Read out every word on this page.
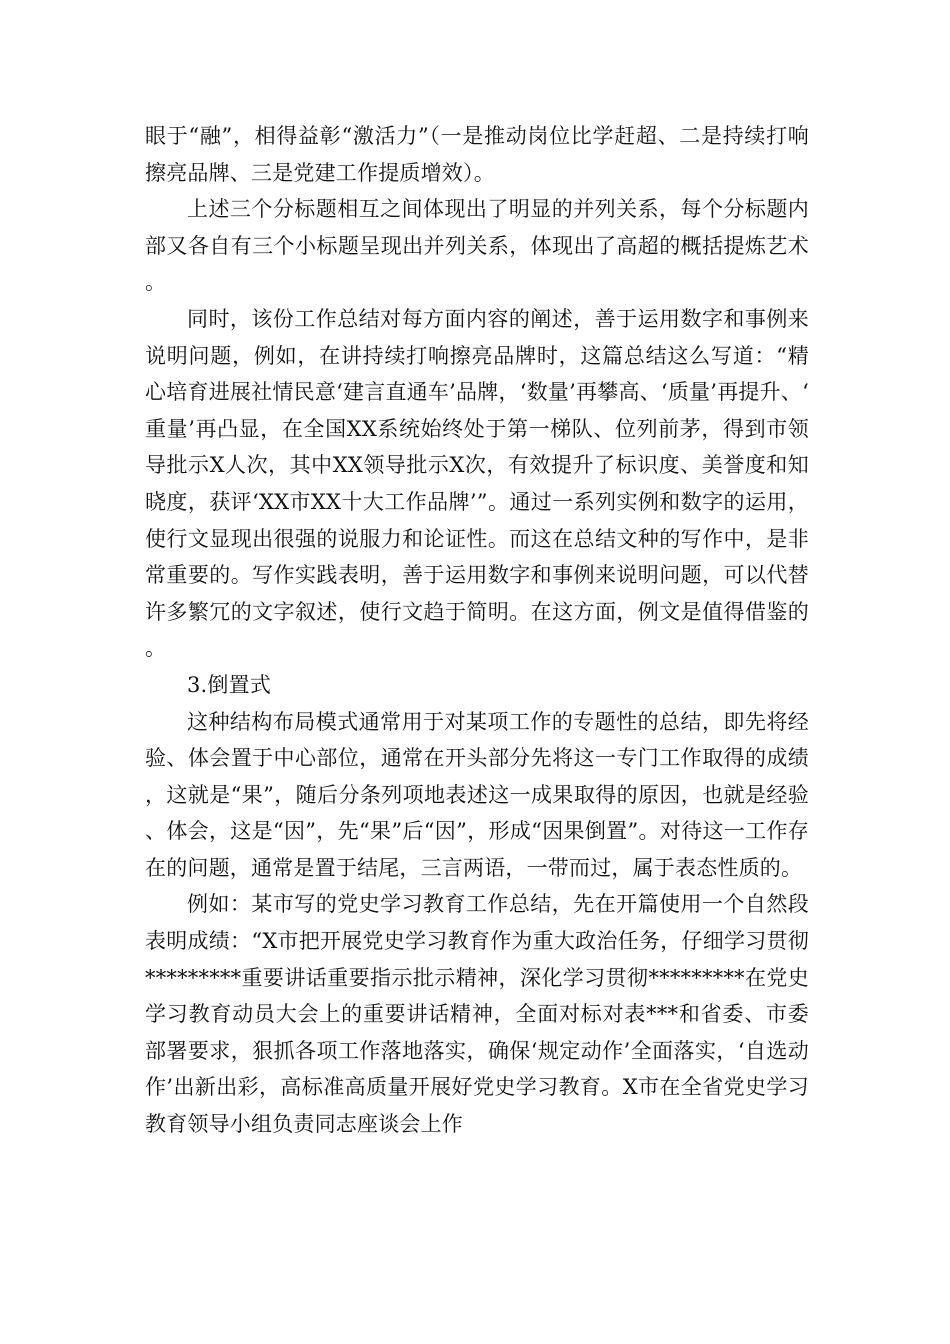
眼于“融”，相得益彰“激活力”（一是推动岗位比学赶超、二是持续打响擦亮品牌、三是党建工作提质增效）。

上述三个分标题相互之间体现出了明显的并列关系，每个分标题内部又各自有三个小标题呈现出并列关系，体现出了高超的概括提炼艺术。

同时，该份工作总结对每方面内容的阐述，善于运用数字和事例来说明问题，例如，在讲持续打响擦亮品牌时，这篇总结这么写道：“精心培育进展社情民意‘建言直通车’品牌，‘数量’再攀高、‘质量’再提升、‘重量’再凸显，在全国XX系统始终处于第一梯队、位列前茅，得到市领导批示X人次，其中XX领导批示X次，有效提升了标识度、美誉度和知晓度，获评‘XX市XX十大工作品牌’”。通过一系列实例和数字的运用，使行文显现出很强的说服力和论证性。而这在总结文种的写作中，是非常重要的。写作实践表明，善于运用数字和事例来说明问题，可以代替许多繁冗的文字叙述，使行文趋于简明。在这方面，例文是值得借鉴的。

3.倒置式

这种结构布局模式通常用于对某项工作的专题性的总结，即先将经验、体会置于中心部位，通常在开头部分先将这一专门工作取得的成绩，这就是“果”，随后分条列项地表述这一成果取得的原因，也就是经验、体会，这是“因”，先“果”后“因”，形成“因果倒置”。对待这一工作存在的问题，通常是置于结尾，三言两语，一带而过，属于表态性质的。

例如：某市写的党史学习教育工作总结，先在开篇使用一个自然段表明成绩：“X市把开展党史学习教育作为重大政治任务，仔细学习贯彻*********重要讲话重要指示批示精神，深化学习贯彻*********在党史学习教育动员大会上的重要讲话精神，全面对标对表***和省委、市委部署要求，狠抓各项工作落地落实，确保‘规定动作’全面落实，‘自选动作’出新出彩，高标准高质量开展好党史学习教育。X市在全省党史学习教育领导小组负责同志座谈会上作
